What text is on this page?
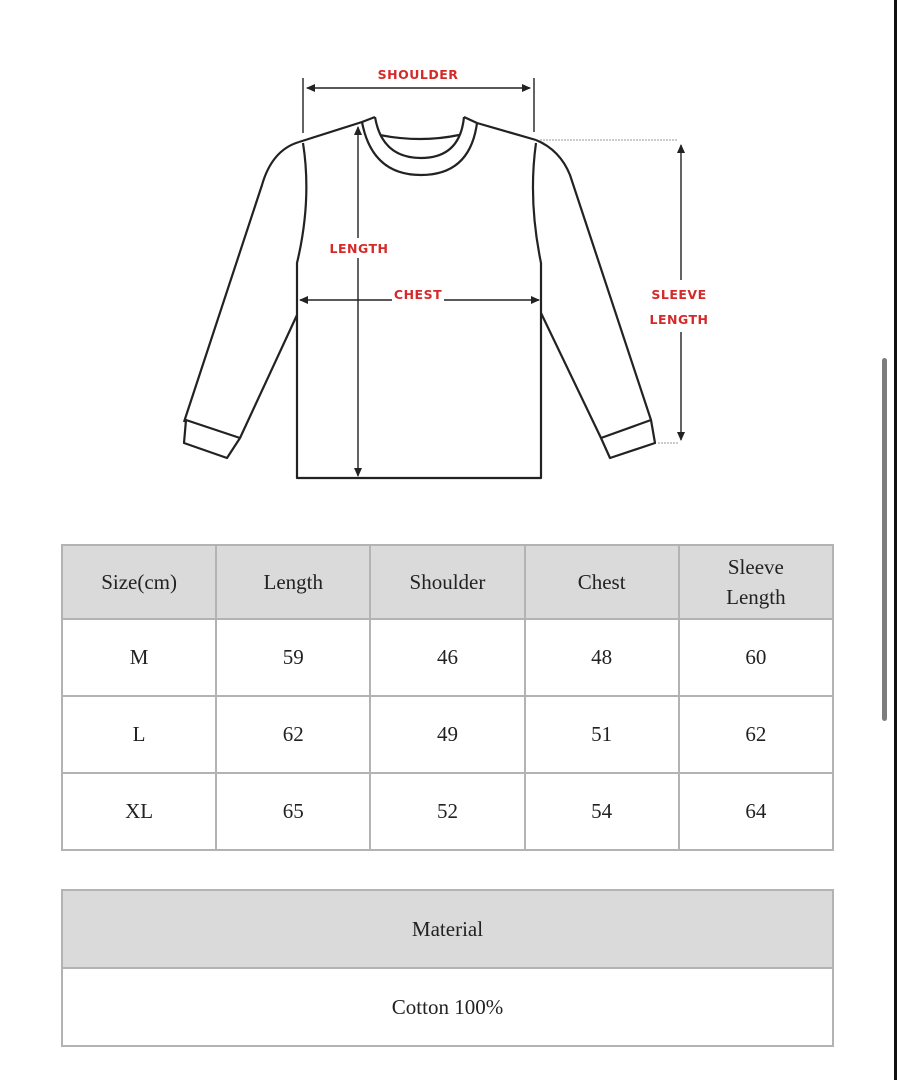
SHOULDER
LENGTH
CHEST	SLEEVE
LENGTH
Size(cm)	Length	Shoulder	Chest	Sleeve Length
M	59	46	48	60
L	62	49	51	62
XL	65	52	54	64
Material
Cotton 100%
